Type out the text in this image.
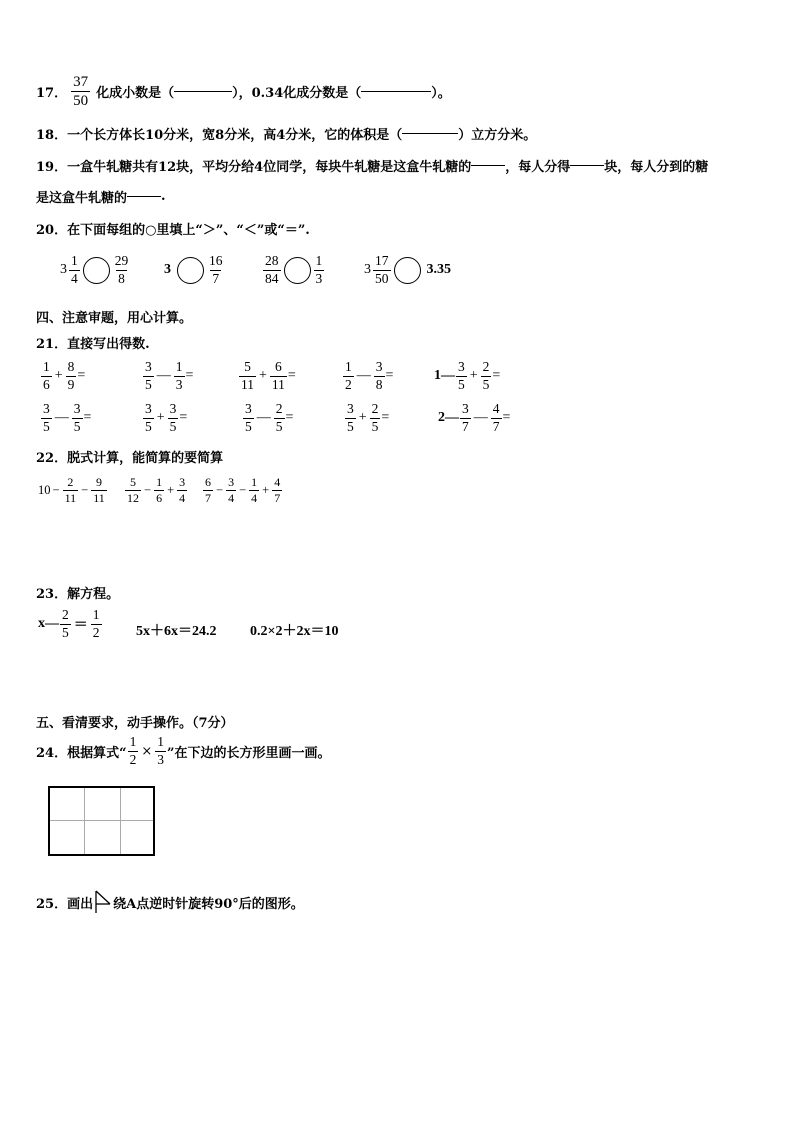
17． $\frac{37}{50}$ 化成小数是（	），0.34化成分数是（	）。
18． 一个长方体长10分米，宽8分米，高4分米，它的体积是（	）立方分米。
19． 一盒牛轧糖共有12块，平均分给4位同学，每块牛轧糖是这盒牛轧糖的	，每人分得	块，每人分到的糖
是这盒牛轧糖的	.
20． 在下面每组的○里填上“＞”、“＜”或“＝”.
$3 \frac{1}{4} \frac{29}{8} 3$	$\frac{16}{7}$	$\frac{28}{84} \frac{1}{3}$	$3 \frac{17}{50}$	3.35
四、注意审题，用心计算。
21． 直接写出得数.
$\frac{1}{6} + \frac{8}{9}$ =	$\frac{3}{5}$ — $\frac{1}{3}$ =	$\frac{5}{11} + \frac{6}{11}$ =	$\frac{1}{2}$ — $\frac{3}{8}$ =	1— $\frac{3}{5} + \frac{2}{5}$ =
$\frac{3}{5}$ — $\frac{3}{5}$ =	$\frac{3}{5} + \frac{3}{5}$ =	$\frac{3}{5}$ — $\frac{2}{5}$ =	$\frac{3}{5} + \frac{2}{5}$ =	2— $\frac{3}{7}$ — $\frac{4}{7}$ =
22． 脱式计算，能简算的要简算
$10 - \frac{2}{11} - \frac{9}{11} \frac{5}{12} - \frac{1}{6} + \frac{3}{4} \frac{6}{7} - \frac{3}{4} - \frac{1}{4} + \frac{4}{7}$
23． 解方程。
x— $\frac{2}{5} = \frac{1}{2} 5x+6x=24.2$ 0.2×2＋2x＝10
五、看清要求，动手操作。（7分）
24． 根据算式“ $\frac{1}{2} \times \frac{1}{3}$ ”在下边的长方形里画一画。
25． 画出 绕A点逆时针旋转90°后的图形。
